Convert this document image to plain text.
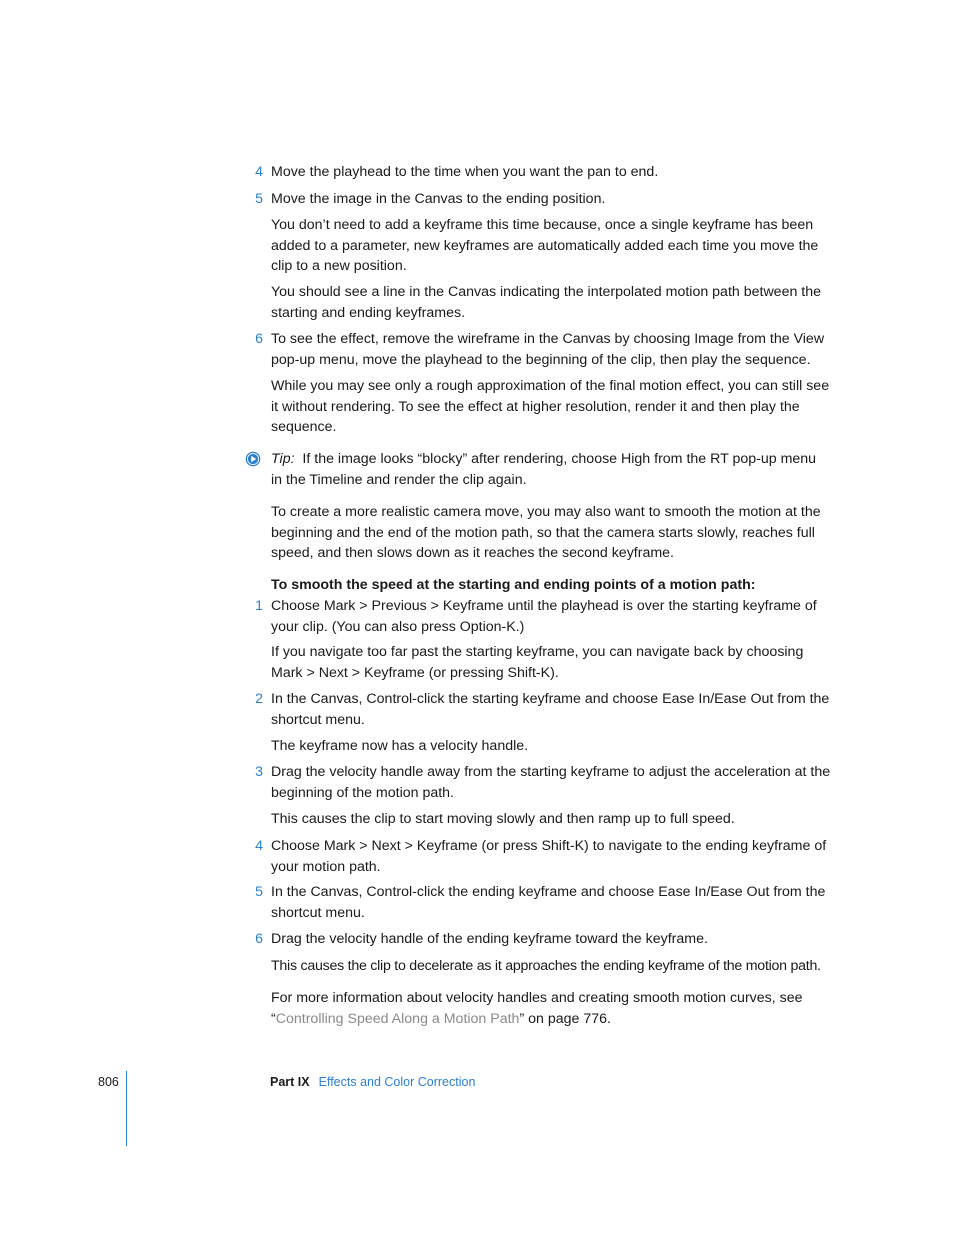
4 Move the playhead to the time when you want the pan to end.
5 Move the image in the Canvas to the ending position.
You don’t need to add a keyframe this time because, once a single keyframe has been added to a parameter, new keyframes are automatically added each time you move the clip to a new position.
You should see a line in the Canvas indicating the interpolated motion path between the starting and ending keyframes.
6 To see the effect, remove the wireframe in the Canvas by choosing Image from the View pop-up menu, move the playhead to the beginning of the clip, then play the sequence.
While you may see only a rough approximation of the final motion effect, you can still see it without rendering. To see the effect at higher resolution, render it and then play the sequence.
Tip: If the image looks “blocky” after rendering, choose High from the RT pop-up menu in the Timeline and render the clip again.
To create a more realistic camera move, you may also want to smooth the motion at the beginning and the end of the motion path, so that the camera starts slowly, reaches full speed, and then slows down as it reaches the second keyframe.
To smooth the speed at the starting and ending points of a motion path:
1 Choose Mark > Previous > Keyframe until the playhead is over the starting keyframe of your clip. (You can also press Option-K.)
If you navigate too far past the starting keyframe, you can navigate back by choosing Mark > Next > Keyframe (or pressing Shift-K).
2 In the Canvas, Control-click the starting keyframe and choose Ease In/Ease Out from the shortcut menu.
The keyframe now has a velocity handle.
3 Drag the velocity handle away from the starting keyframe to adjust the acceleration at the beginning of the motion path.
This causes the clip to start moving slowly and then ramp up to full speed.
4 Choose Mark > Next > Keyframe (or press Shift-K) to navigate to the ending keyframe of your motion path.
5 In the Canvas, Control-click the ending keyframe and choose Ease In/Ease Out from the shortcut menu.
6 Drag the velocity handle of the ending keyframe toward the keyframe.
This causes the clip to decelerate as it approaches the ending keyframe of the motion path.
For more information about velocity handles and creating smooth motion curves, see “Controlling Speed Along a Motion Path” on page 776.
806	Part IX Effects and Color Correction
